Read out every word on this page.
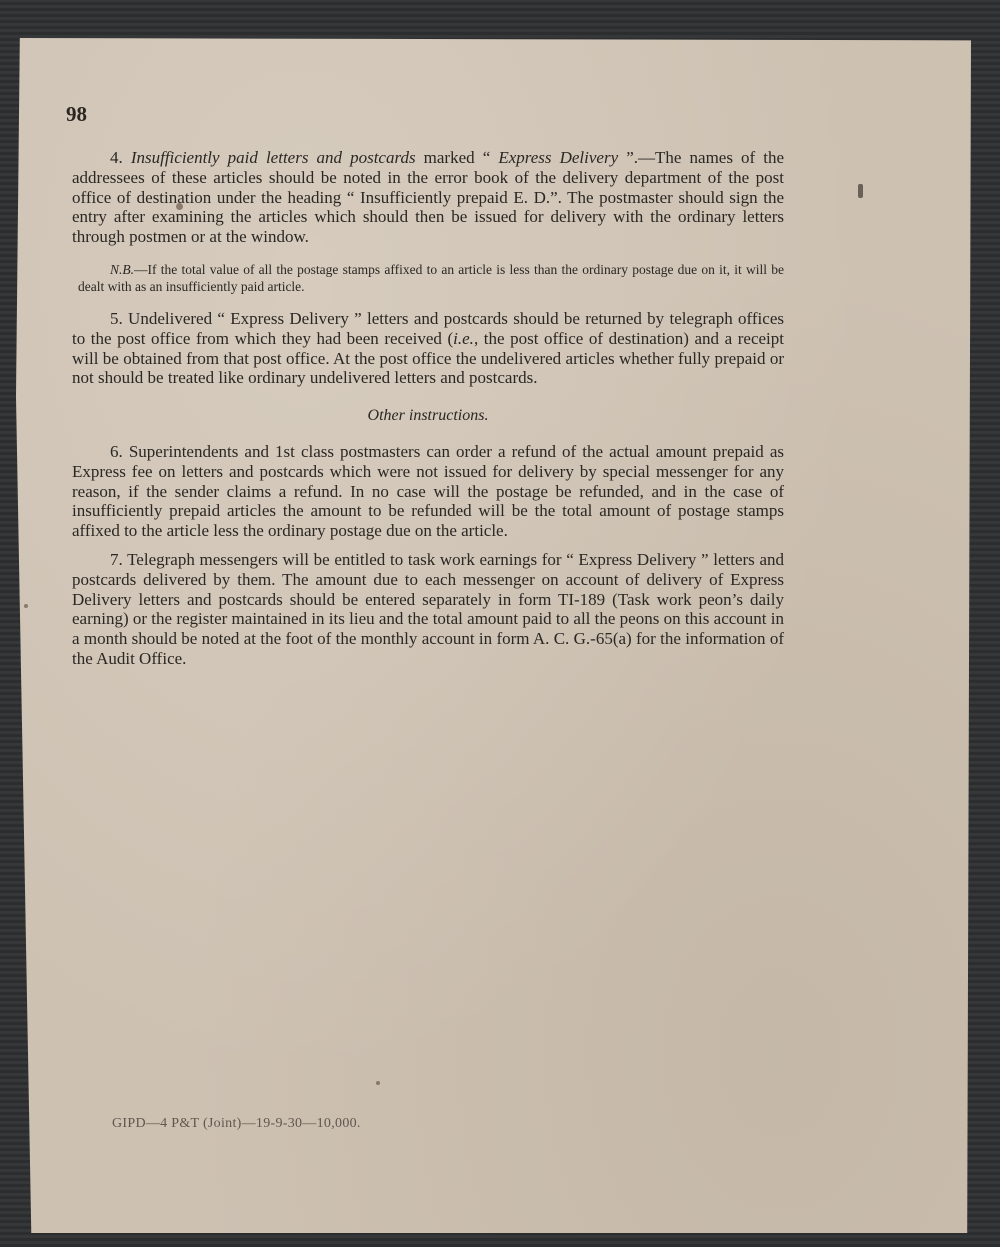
98

4. Insufficiently paid letters and postcards marked “ Express Delivery ”.—The names of the addressees of these articles should be noted in the error book of the delivery department of the post office of destination under the heading “ Insufficiently prepaid E. D.”. The postmaster should sign the entry after examining the articles which should then be issued for delivery with the ordinary letters through postmen or at the window.

N.B.—If the total value of all the postage stamps affixed to an article is less than the ordinary postage due on it, it will be dealt with as an insufficiently paid article.

5. Undelivered “ Express Delivery ” letters and postcards should be returned by telegraph offices to the post office from which they had been received (i.e., the post office of destination) and a receipt will be obtained from that post office. At the post office the undelivered articles whether fully prepaid or not should be treated like ordinary undelivered letters and postcards.

Other instructions.

6. Superintendents and 1st class postmasters can order a refund of the actual amount prepaid as Express fee on letters and postcards which were not issued for delivery by special messenger for any reason, if the sender claims a refund. In no case will the postage be refunded, and in the case of insufficiently prepaid articles the amount to be refunded will be the total amount of postage stamps affixed to the article less the ordinary postage due on the article.

7. Telegraph messengers will be entitled to task work earnings for “ Express Delivery ” letters and postcards delivered by them. The amount due to each messenger on account of delivery of Express Delivery letters and postcards should be entered separately in form TI-189 (Task work peon’s daily earning) or the register maintained in its lieu and the total amount paid to all the peons on this account in a month should be noted at the foot of the monthly account in form A. C. G.-65(a) for the information of the Audit Office.

GIPD—4 P&T (Joint)—19-9-30—10,000.
